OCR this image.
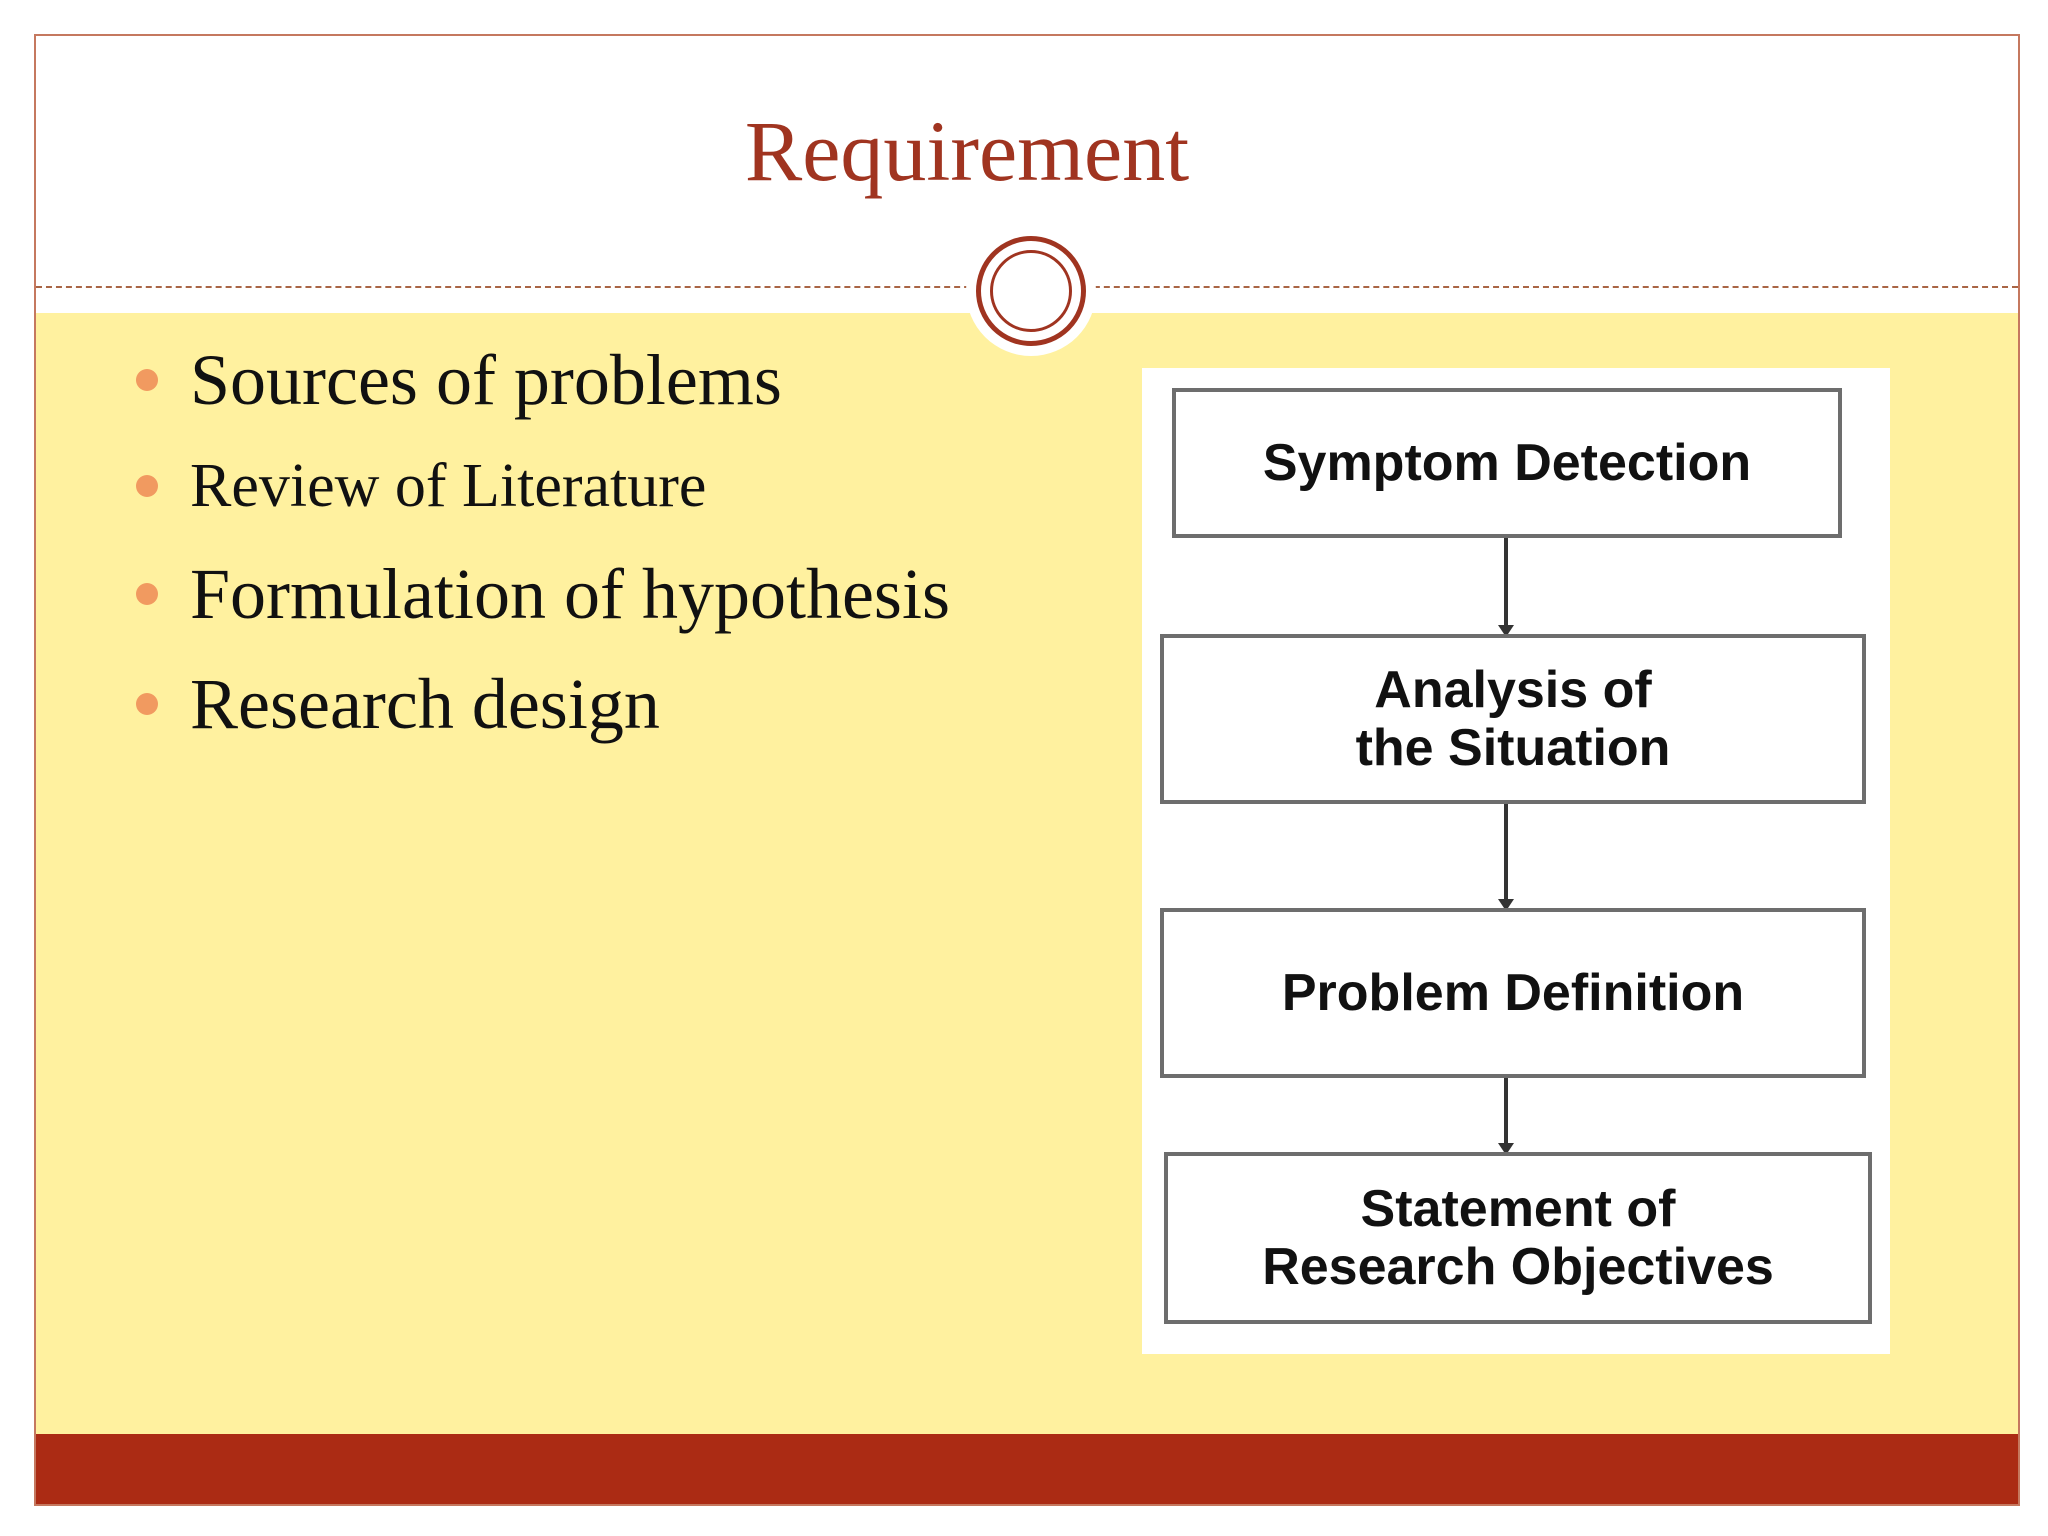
Requirement
Sources of problems
Review of Literature
Formulation of hypothesis
Research design
Symptom Detection
Analysis of
the Situation
Problem Definition
Statement of
Research Objectives
